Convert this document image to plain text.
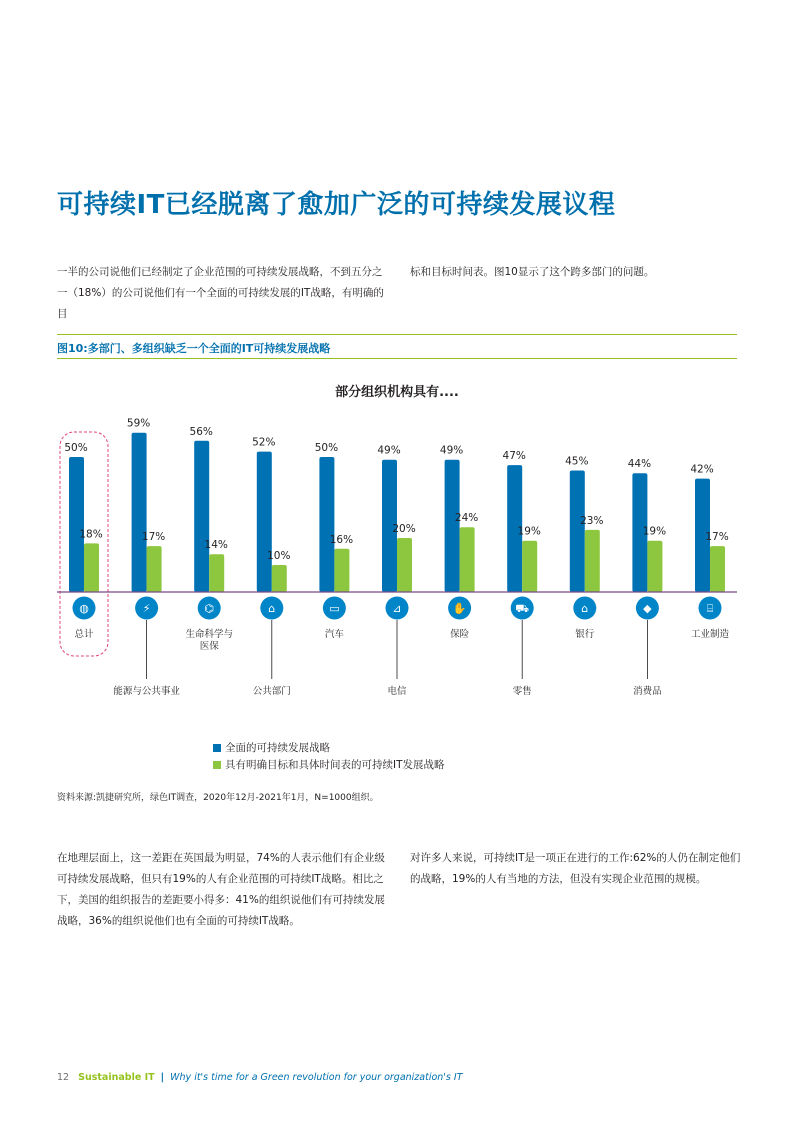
可持续IT已经脱离了愈加广泛的可持续发展议程
一半的公司说他们已经制定了企业范围的可持续发展战略，不到五分之
一（18%）的公司说他们有一个全面的可持续发展的IT战略，有明确的目
标和目标时间表。图10显示了这个跨多部门的问题。
图10:多部门、多组织缺乏一个全面的IT可持续发展战略
部分组织机构具有....
50%
18%
59%
17%
56%
14%
52%
10%
50%
16%
49%
20%
49%
24%
47%
19%
45%
23%
44%
19%
42%
17%
◍	⚡	⌬	⌂	▭	⊿	✋	⛟	⌂	◆	⌸
总计
能源与公共事业
生命科学与
医保
公共部门
汽车
电信
保险
零售
银行
消费品
工业制造
全面的可持续发展战略
具有明确目标和具体时间表的可持续IT发展战略
资料来源:凯捷研究所，绿色IT调查，2020年12月-2021年1月，N=1000组织。
在地理层面上，这一差距在英国最为明显，74%的人表示他们有企业级
可持续发展战略，但只有19%的人有企业范围的可持续IT战略。相比之
下，美国的组织报告的差距要小得多：41%的组织说他们有可持续发展
战略，36%的组织说他们也有全面的可持续IT战略。
对许多人来说，可持续IT是一项正在进行的工作:62%的人仍在制定他们
的战略，19%的人有当地的方法，但没有实现企业范围的规模。
12 Sustainable IT | Why it's time for a Green revolution for your organization's IT
